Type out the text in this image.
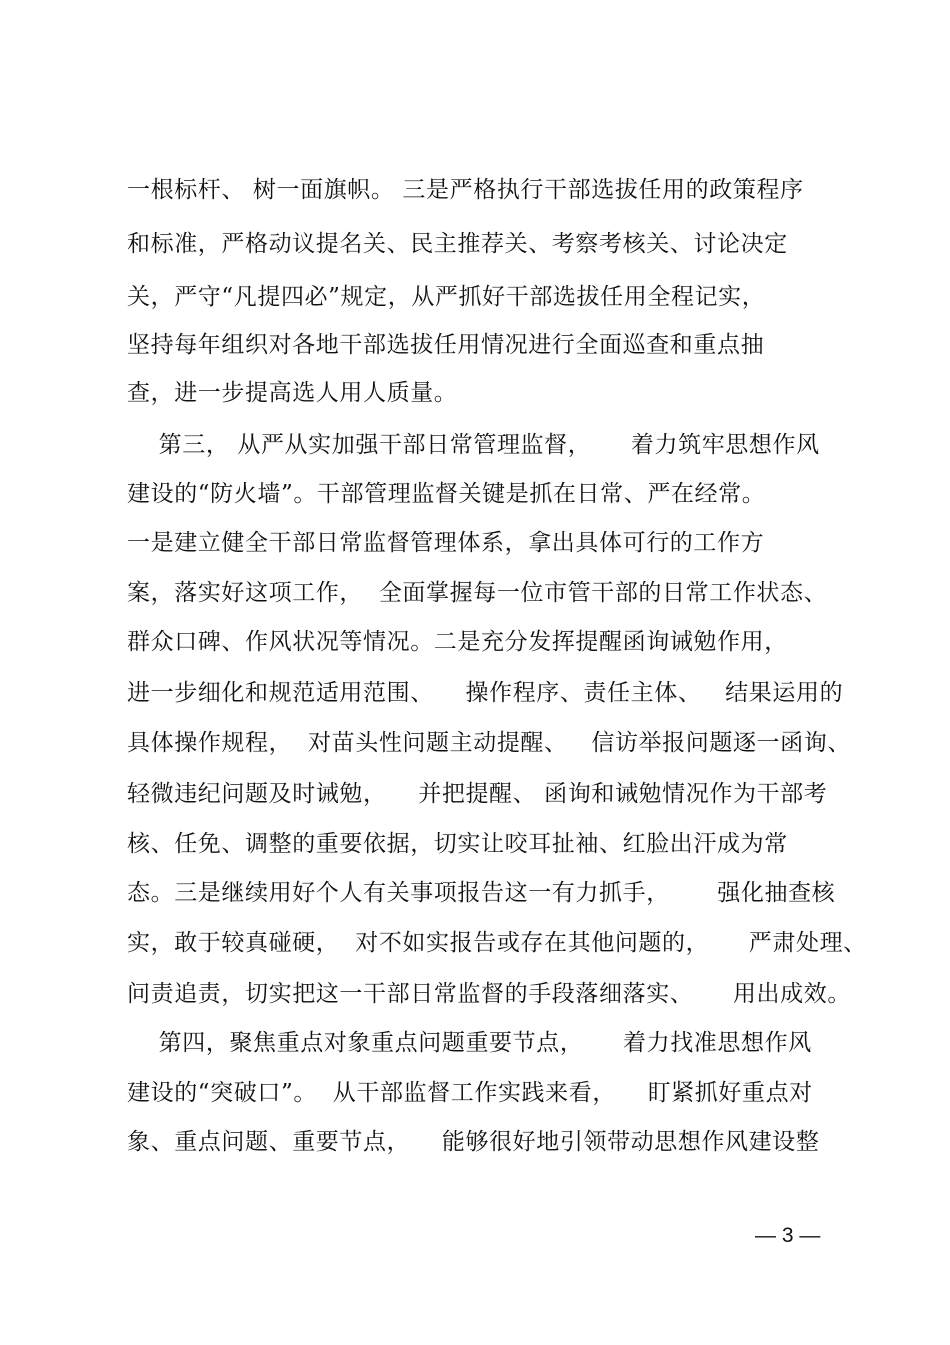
一根标杆、 树一面旗帜。 三是严格执行干部选拔任用的政策程序
和标准，严格动议提名关、民主推荐关、考察考核关、讨论决定
关，严守“凡提四必”规定，从严抓好干部选拔任用全程记实，
坚持每年组织对各地干部选拔任用情况进行全面巡查和重点抽
查，进一步提高选人用人质量。
第三， 从严从实加强干部日常管理监督，     着力筑牢思想作风
建设的“防火墙”。干部管理监督关键是抓在日常、严在经常。
一是建立健全干部日常监督管理体系，拿出具体可行的工作方
案，落实好这项工作，  全面掌握每一位市管干部的日常工作状态、
群众口碑、作风状况等情况。二是充分发挥提醒函询诫勉作用，
进一步细化和规范适用范围、    操作程序、责任主体、   结果运用的
具体操作规程，  对苗头性问题主动提醒、   信访举报问题逐一函询、
轻微违纪问题及时诫勉，    并把提醒、 函询和诫勉情况作为干部考
核、任免、调整的重要依据，切实让咬耳扯袖、红脸出汗成为常
态。三是继续用好个人有关事项报告这一有力抓手，      强化抽查核
实，敢于较真碰硬，  对不如实报告或存在其他问题的，     严肃处理、
问责追责，切实把这一干部日常监督的手段落细落实、     用出成效。
第四，聚焦重点对象重点问题重要节点，     着力找准思想作风
建设的“突破口”。  从干部监督工作实践来看，    盯紧抓好重点对
象、重点问题、重要节点，    能够很好地引领带动思想作风建设整
— 3 —
